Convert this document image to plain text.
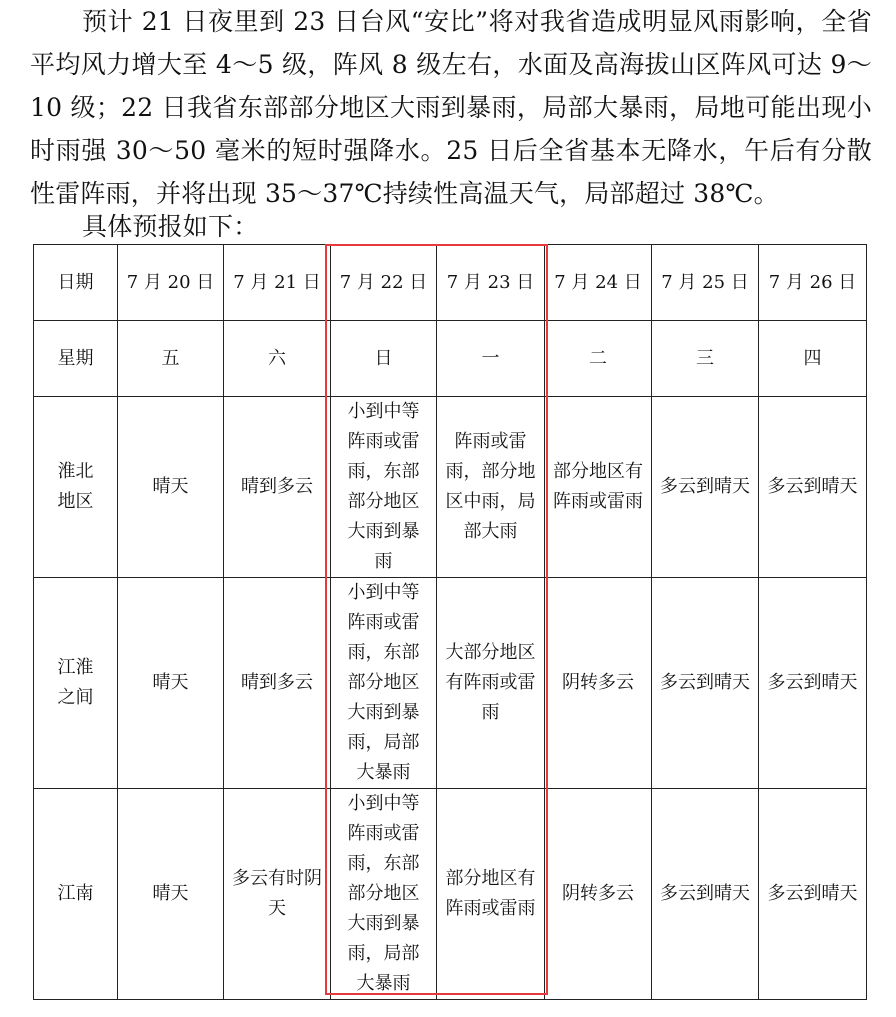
预计 21 日夜里到 23 日台风“安比”将对我省造成明显风雨影响，全省平均风力增大至 4～5 级，阵风 8 级左右，水面及高海拔山区阵风可达 9～10 级；22 日我省东部部分地区大雨到暴雨，局部大暴雨，局地可能出现小时雨强 30～50 毫米的短时强降水。25 日后全省基本无降水，午后有分散性雷阵雨，并将出现 35～37℃持续性高温天气，局部超过 38℃。
具体预报如下：
日期	7 月 20 日	7 月 21 日	7 月 22 日	7 月 23 日	7 月 24 日	7 月 25 日	7 月 26 日
星期	五	六	日	一	二	三	四
淮北地区	晴天	晴到多云	小到中等阵雨或雷雨，东部部分地区大雨到暴雨	阵雨或雷雨，部分地区中雨，局部大雨	部分地区有阵雨或雷雨	多云到晴天	多云到晴天
江淮之间	晴天	晴到多云	小到中等阵雨或雷雨，东部部分地区大雨到暴雨，局部大暴雨	大部分地区有阵雨或雷雨	阴转多云	多云到晴天	多云到晴天
江南	晴天	多云有时阴天	小到中等阵雨或雷雨，东部部分地区大雨到暴雨，局部大暴雨	部分地区有阵雨或雷雨	阴转多云	多云到晴天	多云到晴天
